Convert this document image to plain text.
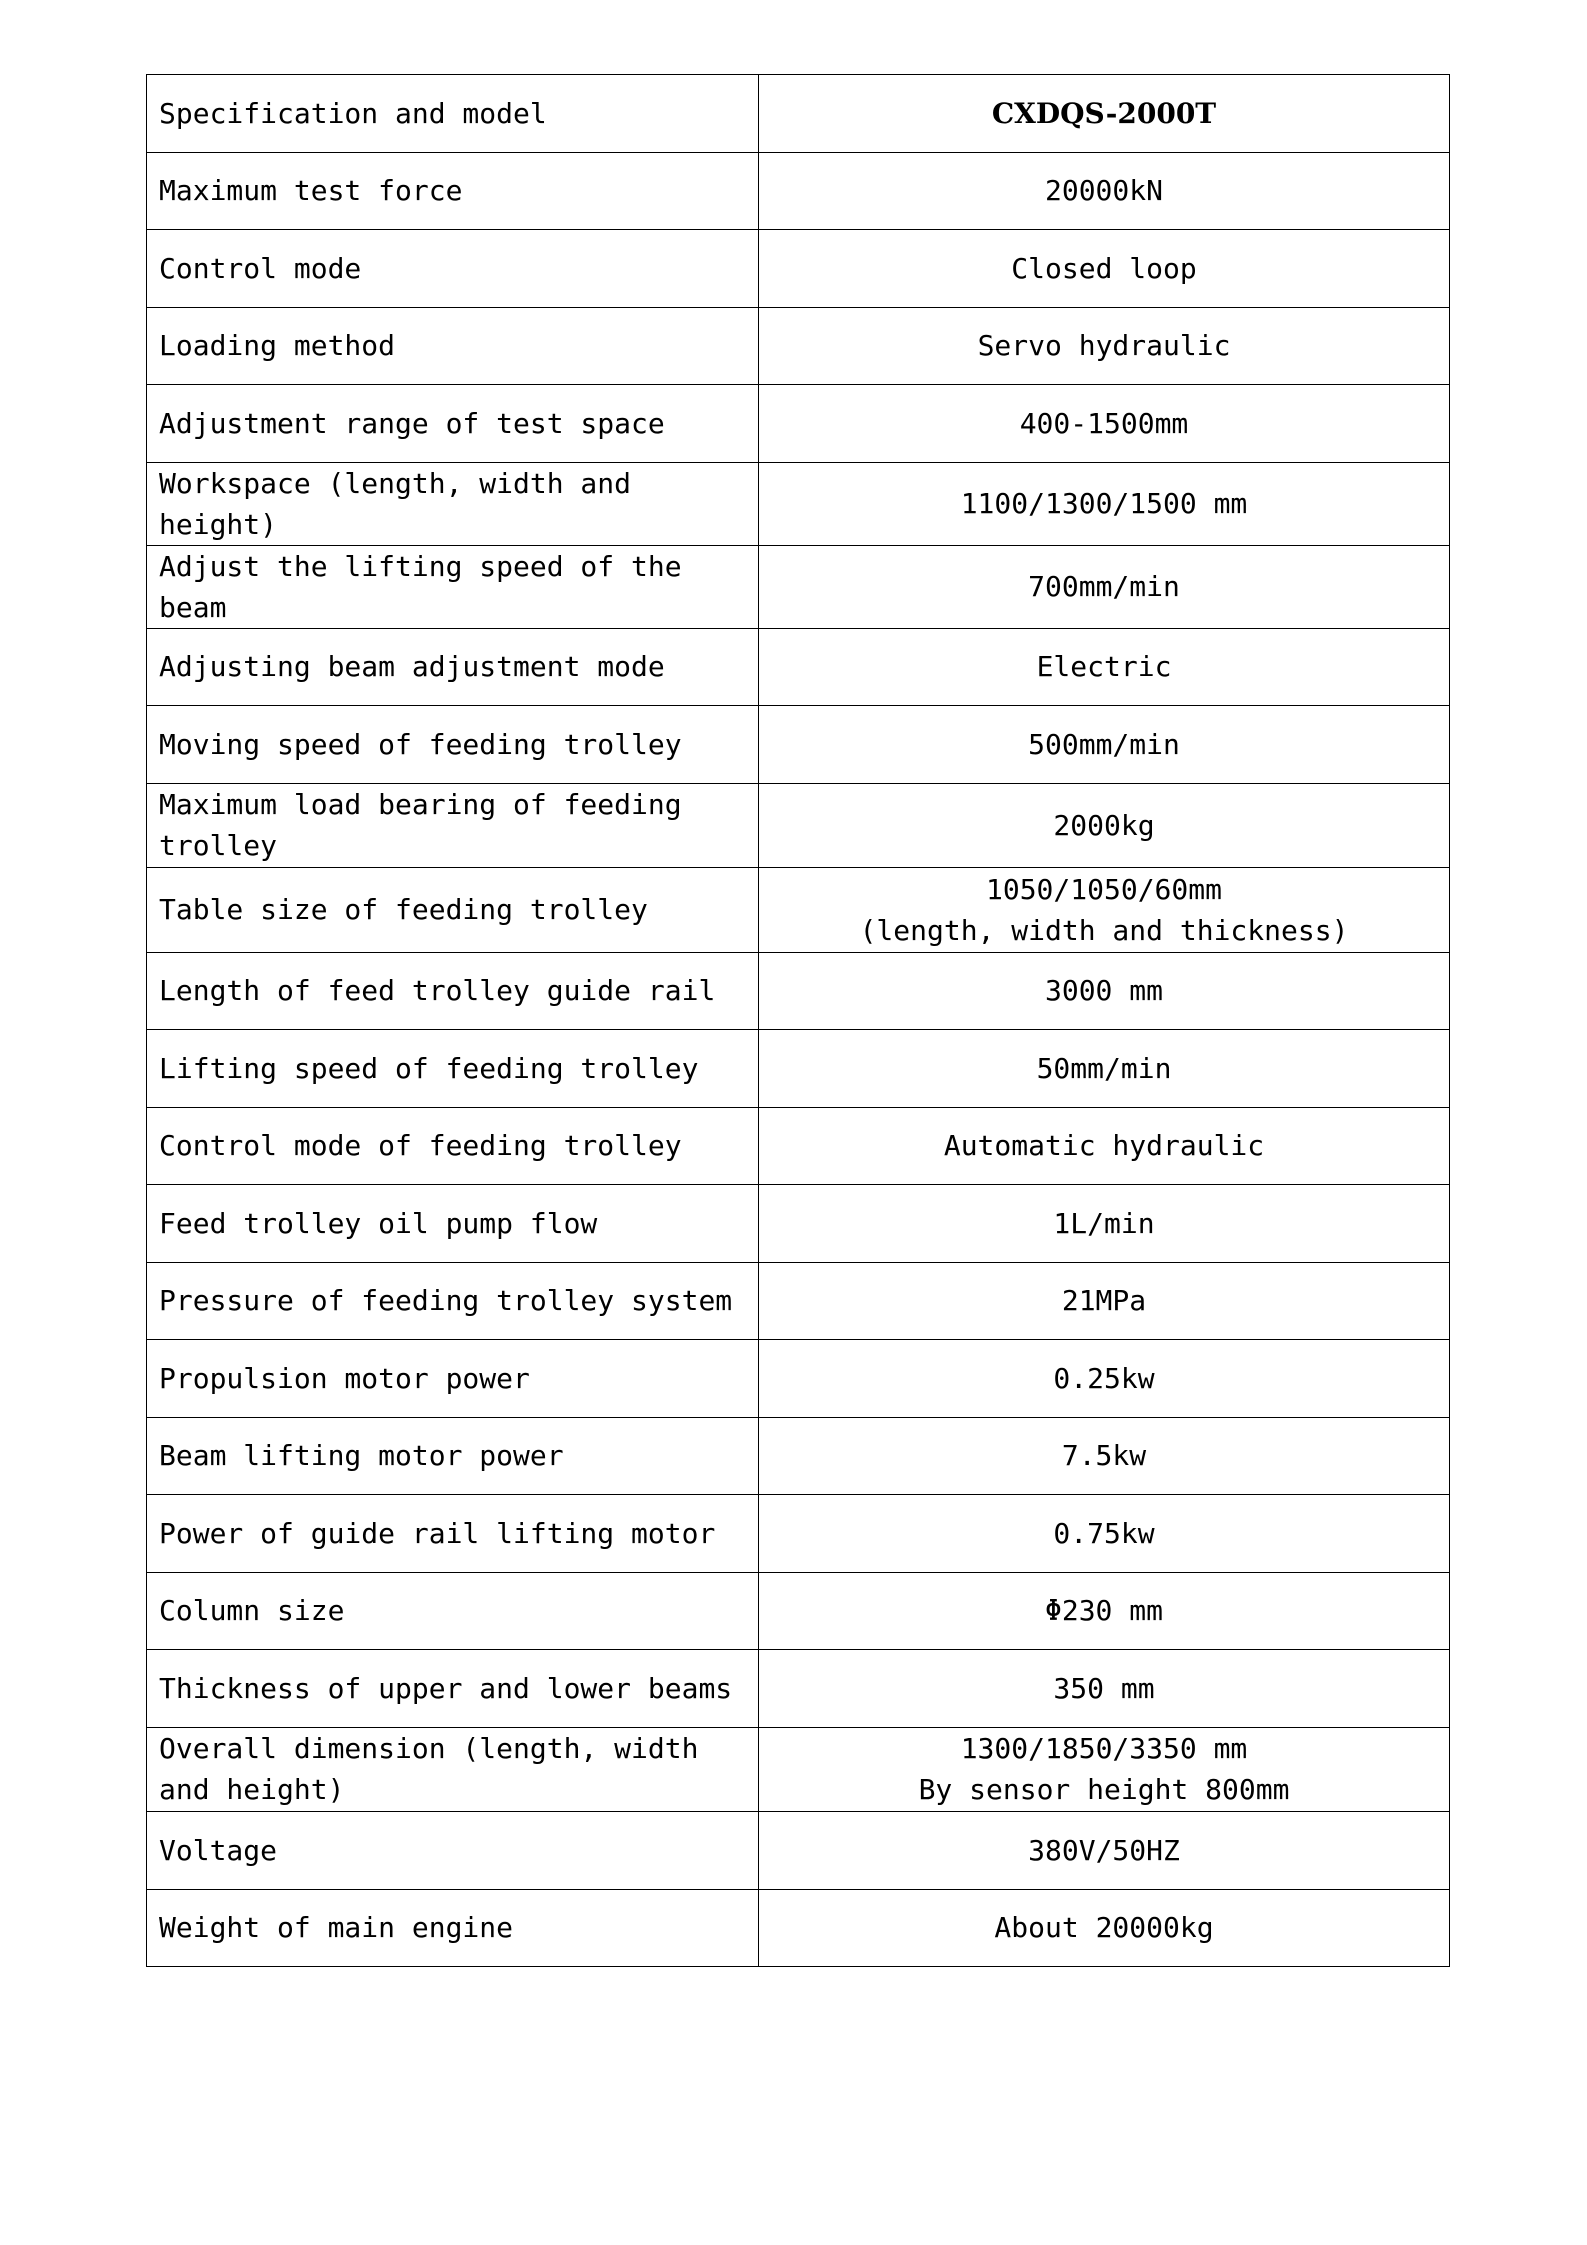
Specification and model	CXDQS-2000T
Maximum test force	20000kN
Control mode	Closed loop
Loading method	Servo hydraulic
Adjustment range of test space	400-1500mm
Workspace (length, width and height)	1100/1300/1500 mm
Adjust the lifting speed of the beam	700mm/min
Adjusting beam adjustment mode	Electric
Moving speed of feeding trolley	500mm/min
Maximum load bearing of feeding trolley	2000kg
Table size of feeding trolley	1050/1050/60mm
(length, width and thickness)
Length of feed trolley guide rail	3000 mm
Lifting speed of feeding trolley	50mm/min
Control mode of feeding trolley	Automatic hydraulic
Feed trolley oil pump flow	1L/min
Pressure of feeding trolley system	21MPa
Propulsion motor power	0.25kw
Beam lifting motor power	7.5kw
Power of guide rail lifting motor	0.75kw
Column size	Φ230 mm
Thickness of upper and lower beams	350 mm
Overall dimension (length, width and height)	1300/1850/3350 mm
By sensor height 800mm
Voltage	380V/50HZ
Weight of main engine	About 20000kg
